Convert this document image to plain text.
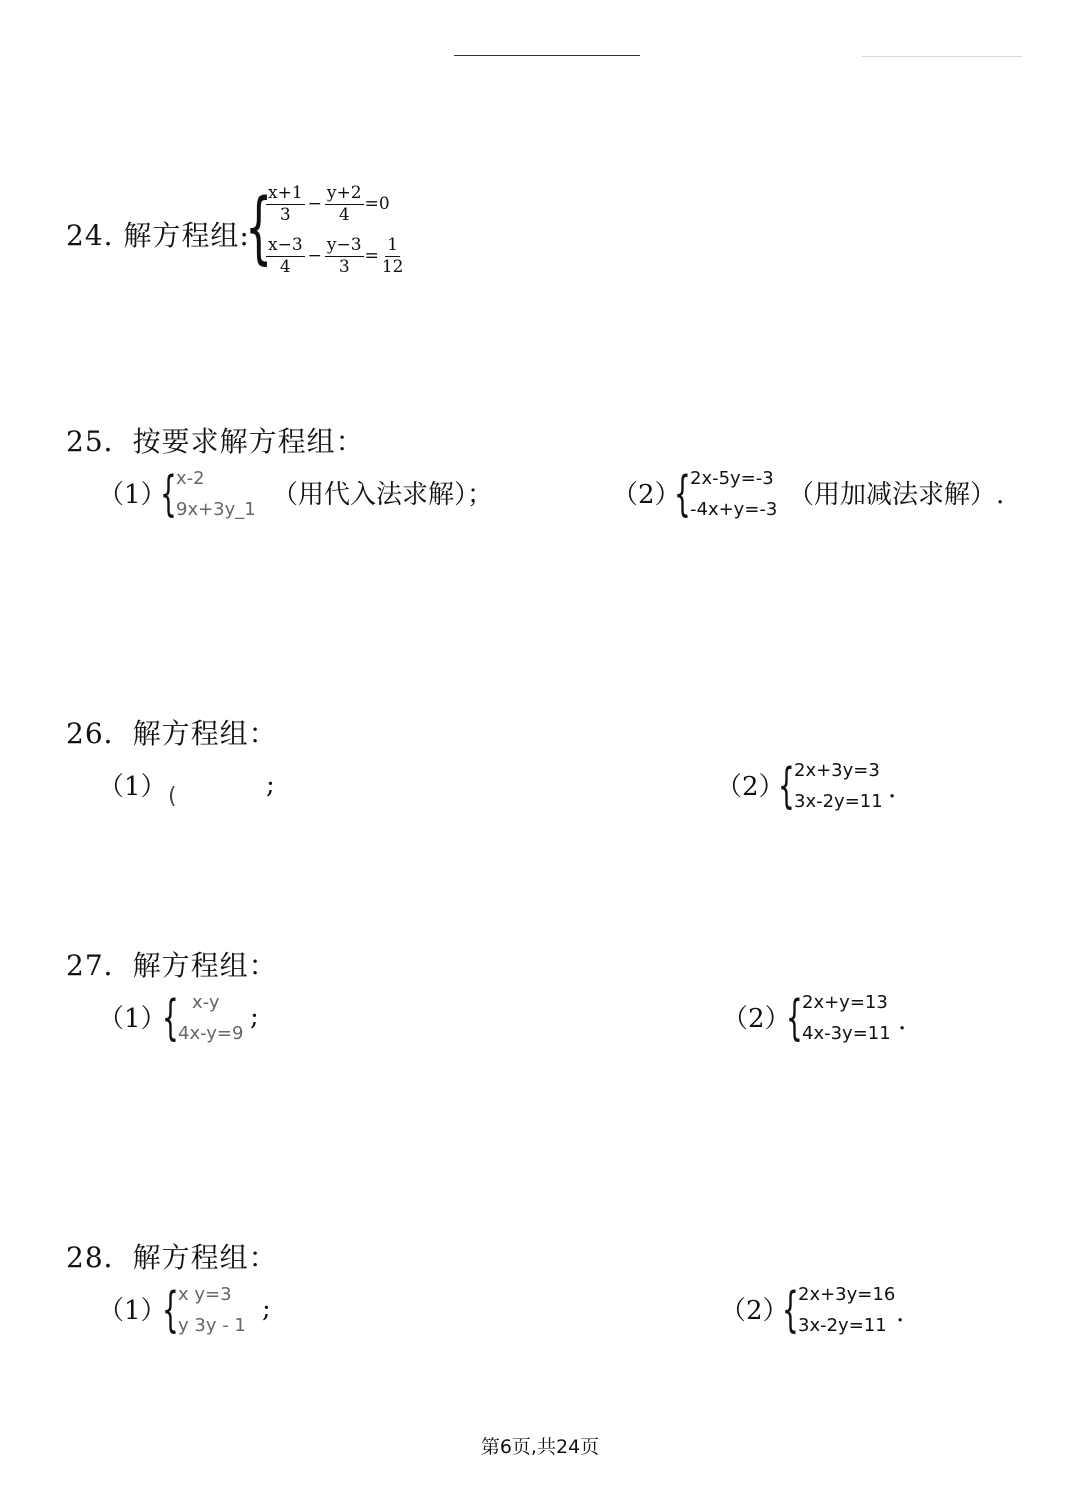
24. 解方程组:
{
$\frac{x+1}{3} - \frac{y+2}{4} =0$
$\frac{x-3}{4} - \frac{y-3}{3} = \frac{1}{12}$
25．按要求解方程组：
（1）
{ x-2
9x+3y_1 （用代入法求解）；	（2）
{ 2x-5y=-3
-4x+y=-3 （用加减法求解）.
26．解方程组：
（1） (	;	（2）
{ 2x+3y=3
3x-2y=11 .
27．解方程组：
（1）
{ x-y
4x-y=9
;	（2）
{ 2x+y=13
4x-3y=11 .
28．解方程组：
（1）
{ x y=3
y 3y - 1
;	（2）
{ 2x+3y=16
3x-2y=11 .
第6页,共24页
